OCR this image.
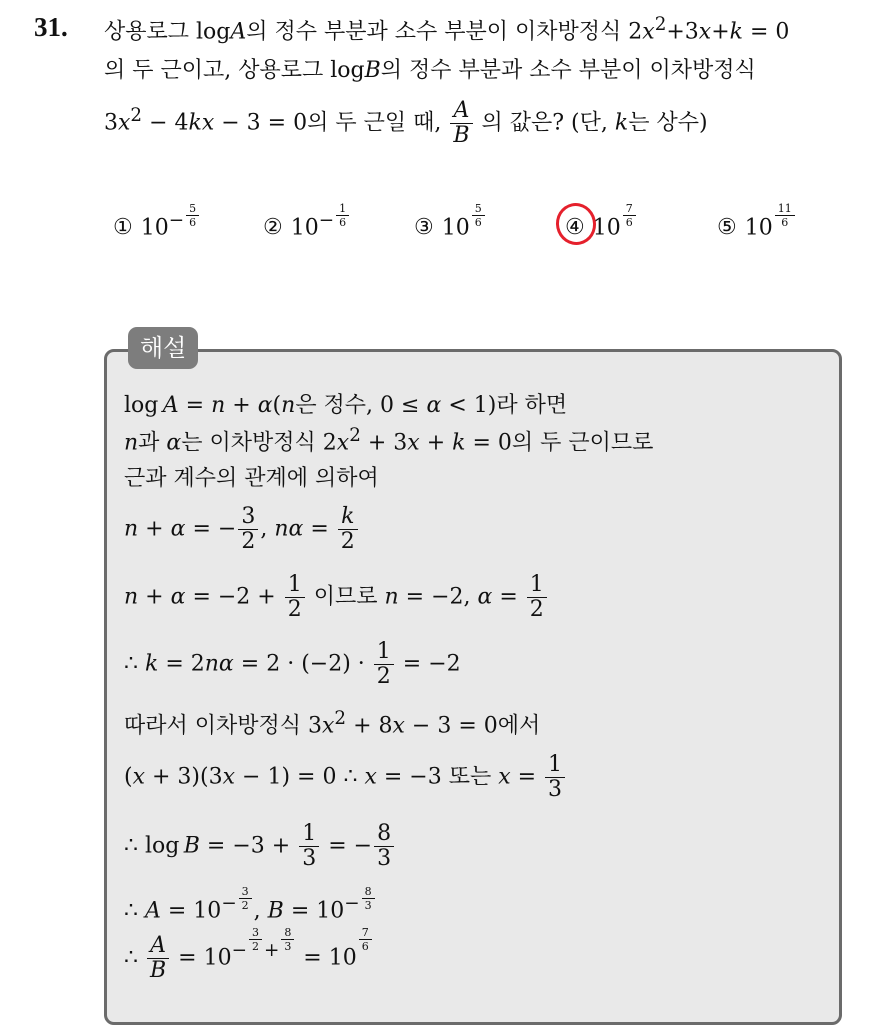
31. 상용로그 logA의 정수 부분과 소수 부분이 이차방정식 $2x^2+3x+k = 0$
의 두 근이고, 상용로그 logB의 정수 부분과 소수 부분이 이차방정식
$3x^2 - 4kx - 3 = 0$의 두 근일 때, $\frac{A}{B}$ 의 값은? (단, k는 상수)
① $10^{- \frac{5}{6}}$	② $10^{- \frac{1}{6}}$	③ 10 $^{\frac{5}{6}}$	④ 10 $^{\frac{7}{6}}$	⑤ 10 $^{\frac{11}{6}}$
해설
log  A = n + α(n은 정수, 0 ≤ α < 1)라 하면
n과 α는 이차방정식 $2x^2 + 3x + k = 0$의 두 근이므로
근과 계수의 관계에 의하여
n + α = − $\frac{3}{2}$ , $n\alpha = \frac{k}{2}$
$n + \alpha = -2 + \frac{1}{2}$ 이므로 n = −2, $\alpha = \frac{1}{2}$
∴ $k = 2n\alpha = 2 \cdot (-2) \cdot \frac{1}{2} = -2$
따라서 이차방정식 $3x^2 + 8x - 3 = 0$에서
(x + 3)(3x − 1) = 0 ∴ x = −3 또는 $x = \frac{1}{3}$
∴ $\log B = -3 + \frac{1}{3}$ = − $\frac{8}{3}$
∴ $A = 10^{- \frac{3}{2}}$ , $B = 10^{- \frac{8}{3}}$
∴ $\frac{A}{B} = 10^{- \frac{3}{2} + \frac{8}{3}}$
= 10
$^{\frac{7}{6}}$
